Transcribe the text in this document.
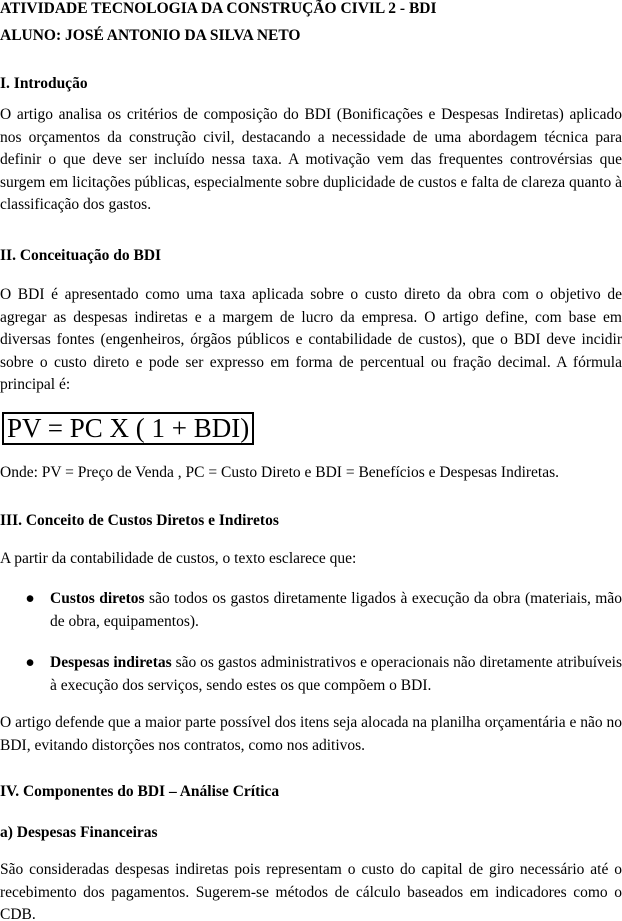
ATIVIDADE TECNOLOGIA DA CONSTRUÇÃO CIVIL 2 - BDI
ALUNO: JOSÉ ANTONIO DA SILVA NETO
I. Introdução

O artigo analisa os critérios de composição do BDI (Bonificações e Despesas Indiretas) aplicado nos orçamentos da construção civil, destacando a necessidade de uma abordagem técnica para definir o que deve ser incluído nessa taxa. A motivação vem das frequentes controvérsias que surgem em licitações públicas, especialmente sobre duplicidade de custos e falta de clareza quanto à classificação dos gastos.

II. Conceituação do BDI

O BDI é apresentado como uma taxa aplicada sobre o custo direto da obra com o objetivo de agregar as despesas indiretas e a margem de lucro da empresa. O artigo define, com base em diversas fontes (engenheiros, órgãos públicos e contabilidade de custos), que o BDI deve incidir sobre o custo direto e pode ser expresso em forma de percentual ou fração decimal. A fórmula principal é:

PV = PC X ( 1 + BDI)

Onde: PV = Preço de Venda , PC = Custo Direto e BDI = Benefícios e Despesas Indiretas.

III. Conceito de Custos Diretos e Indiretos

A partir da contabilidade de custos, o texto esclarece que:

● Custos diretos são todos os gastos diretamente ligados à execução da obra (materiais, mão de obra, equipamentos).
● Despesas indiretas são os gastos administrativos e operacionais não diretamente atribuíveis à execução dos serviços, sendo estes os que compõem o BDI.

O artigo defende que a maior parte possível dos itens seja alocada na planilha orçamentária e não no BDI, evitando distorções nos contratos, como nos aditivos.

IV. Componentes do BDI – Análise Crítica
a) Despesas Financeiras

São consideradas despesas indiretas pois representam o custo do capital de giro necessário até o recebimento dos pagamentos. Sugerem-se métodos de cálculo baseados em indicadores como o CDB.
